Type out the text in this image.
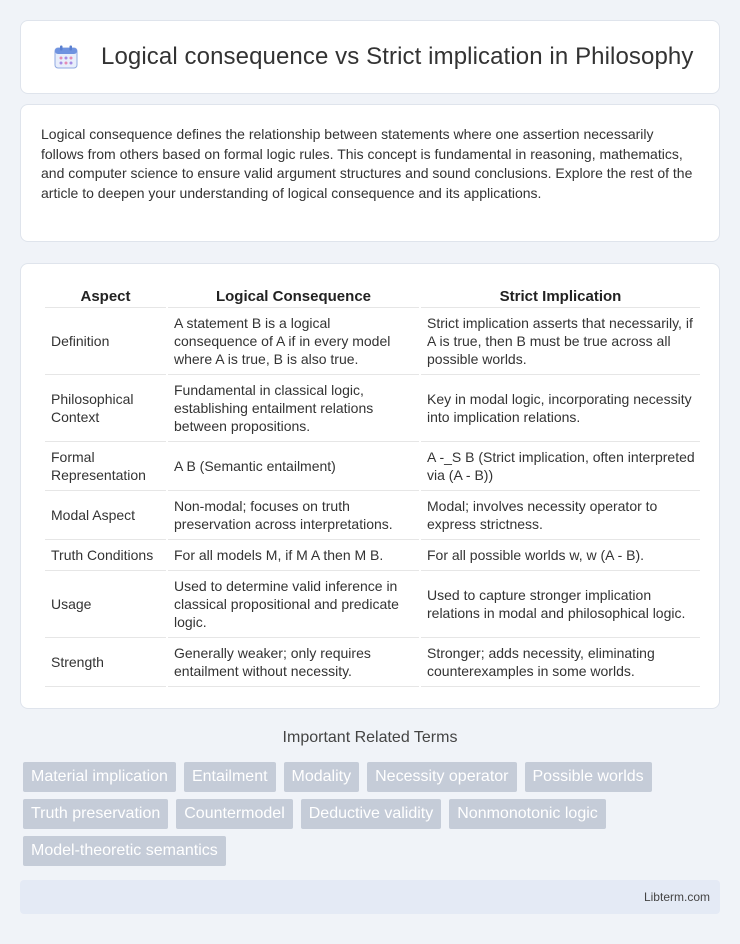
Logical consequence vs Strict implication in Philosophy

Logical consequence defines the relationship between statements where one assertion necessarily follows from others based on formal logic rules. This concept is fundamental in reasoning, mathematics, and computer science to ensure valid argument structures and sound conclusions. Explore the rest of the article to deepen your understanding of logical consequence and its applications.

Aspect	Logical Consequence	Strict Implication
Definition	A statement B is a logical consequence of A if in every model where A is true, B is also true.	Strict implication asserts that necessarily, if A is true, then B must be true across all possible worlds.
Philosophical Context	Fundamental in classical logic, establishing entailment relations between propositions.	Key in modal logic, incorporating necessity into implication relations.
Formal Representation	A B (Semantic entailment)	A -_S B (Strict implication, often interpreted via (A - B))
Modal Aspect	Non-modal; focuses on truth preservation across interpretations.	Modal; involves necessity operator to express strictness.
Truth Conditions	For all models M, if M A then M B.	For all possible worlds w, w (A - B).
Usage	Used to determine valid inference in classical propositional and predicate logic.	Used to capture stronger implication relations in modal and philosophical logic.
Strength	Generally weaker; only requires entailment without necessity.	Stronger; adds necessity, eliminating counterexamples in some worlds.
Important Related Terms
Material implication	Entailment	Modality	Necessity operator	Possible worlds
Truth preservation	Countermodel	Deductive validity	Nonmonotonic logic
Model-theoretic semantics
Libterm.com
